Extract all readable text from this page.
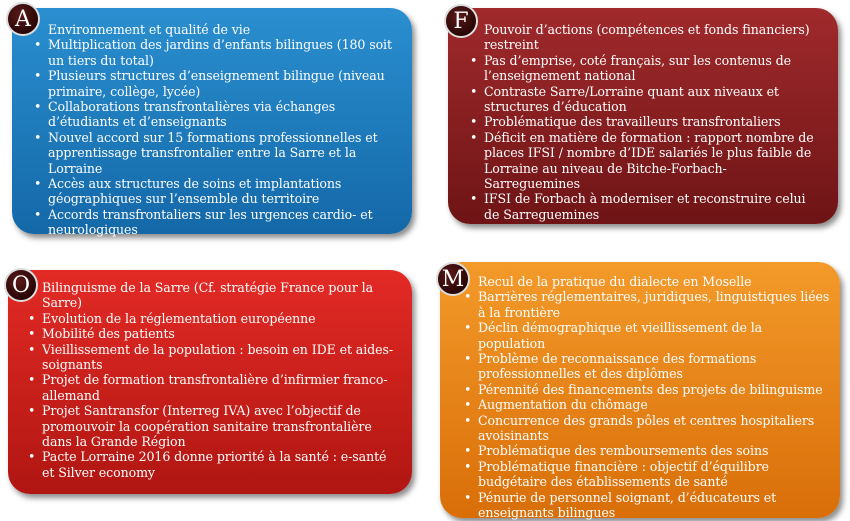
A	Environnement et qualité de vie
• Multiplication des jardins d’enfants bilingues (180 soit un tiers du total)
• Plusieurs structures d’enseignement bilingue (niveau primaire, collège, lycée)
• Collaborations transfrontalières via échanges d’étudiants et d’enseignants
• Nouvel accord sur 15 formations professionnelles et apprentissage transfrontalier entre la Sarre et la Lorraine
• Accès aux structures de soins et implantations géographiques sur l’ensemble du territoire
• Accords transfrontaliers sur les urgences cardio- et neurologiques
F	Pouvoir d’actions (compétences et fonds financiers) restreint
• Pas d’emprise, coté français, sur les contenus de l’enseignement national
• Contraste Sarre/Lorraine quant aux niveaux et structures d’éducation
• Problématique des travailleurs transfrontaliers
• Déficit en matière de formation : rapport nombre de places IFSI / nombre d’IDE salariés le plus faible de Lorraine au niveau de Bitche-Forbach-Sarreguemines
• IFSI de Forbach à moderniser et reconstruire celui de Sarreguemines
O Bilinguisme de la Sarre (Cf. stratégie France pour la Sarre)
• Evolution de la réglementation européenne
• Mobilité des patients
• Vieillissement de la population : besoin en IDE et aides-soignants
• Projet de formation transfrontalière d’infirmier franco-allemand
• Projet Santransfor (Interreg IVA) avec l’objectif de promouvoir la coopération sanitaire transfrontalière dans la Grande Région
• Pacte Lorraine 2016 donne priorité à la santé : e-santé et Silver economy
M	Recul de la pratique du dialecte en Moselle
• Barrières réglementaires, juridiques, linguistiques liées à la frontière
• Déclin démographique et vieillissement de la population
• Problème de reconnaissance des formations professionnelles et des diplômes
• Pérennité des financements des projets de bilinguisme
• Augmentation du chômage
• Concurrence des grands pôles et centres hospitaliers avoisinants
• Problématique des remboursements des soins
• Problématique financière : objectif d’équilibre budgétaire des établissements de santé
• Pénurie de personnel soignant, d’éducateurs et enseignants bilingues
